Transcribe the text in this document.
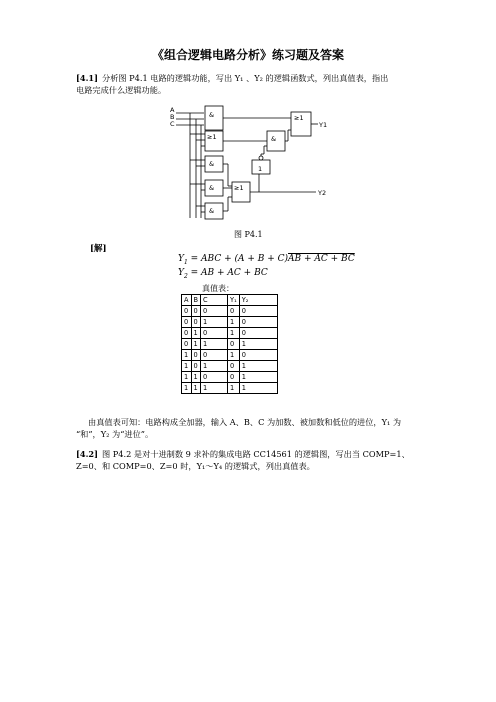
《组合逻辑电路分析》练习题及答案
[4.1] 分析图 P4.1 电路的逻辑功能，写出 Y₁ 、Y₂ 的逻辑函数式，列出真值表，指出
电路完成什么逻辑功能。
A
B
C
&
≥1
&
&
&
≥1
1
&
≥1
Y1
Y2
图 P4.1
[解]
$Y_1$ = ABC + (A + B + C)AB + AC + BC
$Y_2$ = AB + AC + BC
真值表：
A	B	C	Y₁	Y₂
0	0	0	0	0
0	0	1	1	0
0	1	0	1	0
0	1	1	0	1
1	0	0	1	0
1	0	1	0	1
1	1	0	0	1
1	1	1	1	1
由真值表可知：电路构成全加器，输入 A、B、C 为加数、被加数和低位的进位，Y₁ 为
“和”，Y₂ 为“进位”。
[4.2] 图 P4.2 是对十进制数 9 求补的集成电路 CC14561 的逻辑图，写出当 COMP=1、
Z=0、和 COMP=0、Z=0 时，Y₁～Y₄ 的逻辑式，列出真值表。
